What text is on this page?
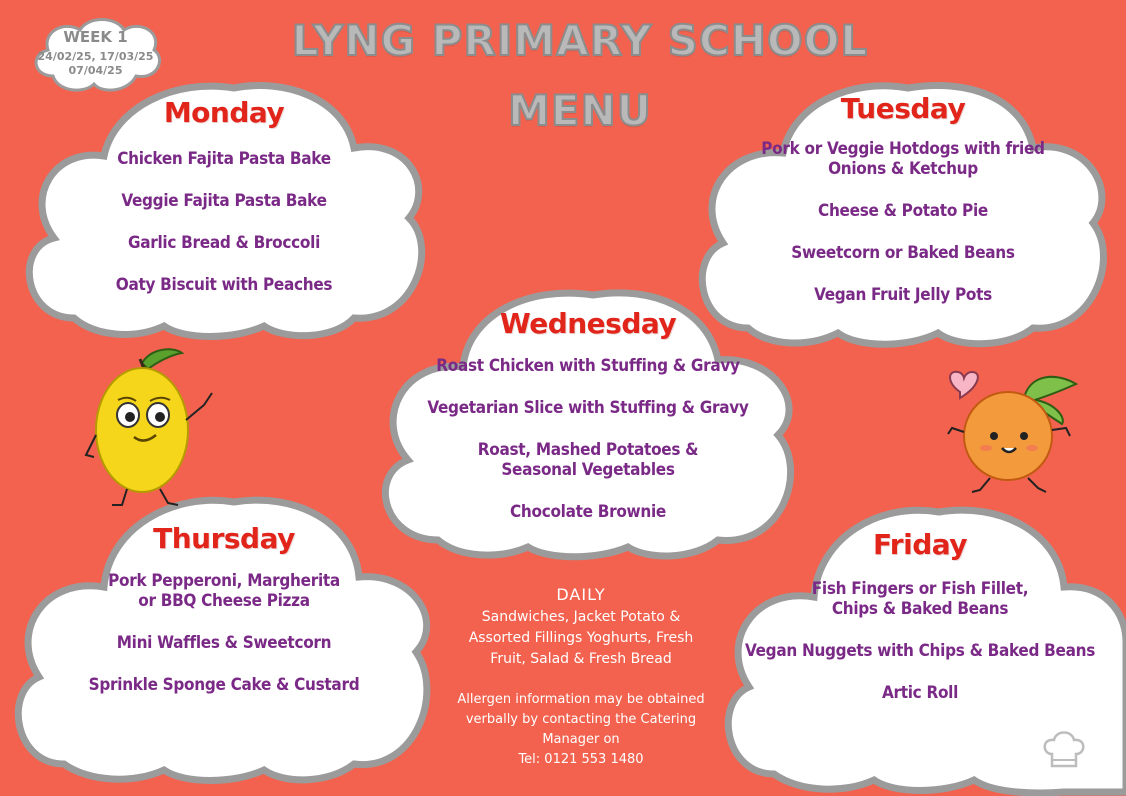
LYNG PRIMARY SCHOOL
MENU
WEEK 1
24/02/25, 17/03/25
07/04/25
Monday
Chicken Fajita Pasta Bake
Veggie Fajita Pasta Bake
Garlic Bread & Broccoli
Oaty Biscuit with Peaches
Tuesday
Pork or Veggie Hotdogs with fried Onions & Ketchup
Cheese & Potato Pie
Sweetcorn or Baked Beans
Vegan Fruit Jelly Pots
Wednesday
Roast Chicken with Stuffing & Gravy
Vegetarian Slice with Stuffing & Gravy
Roast, Mashed Potatoes & Seasonal Vegetables
Chocolate Brownie
Thursday
Pork Pepperoni, Margherita or BBQ Cheese Pizza
Mini Waffles & Sweetcorn
Sprinkle Sponge Cake & Custard
Friday
Fish Fingers or Fish Fillet, Chips & Baked Beans
Vegan Nuggets with Chips & Baked Beans
Artic Roll
DAILY
Sandwiches, Jacket Potato & Assorted Fillings Yoghurts, Fresh Fruit, Salad & Fresh Bread
Allergen information may be obtained verbally by contacting the Catering Manager on
Tel: 0121 553 1480
